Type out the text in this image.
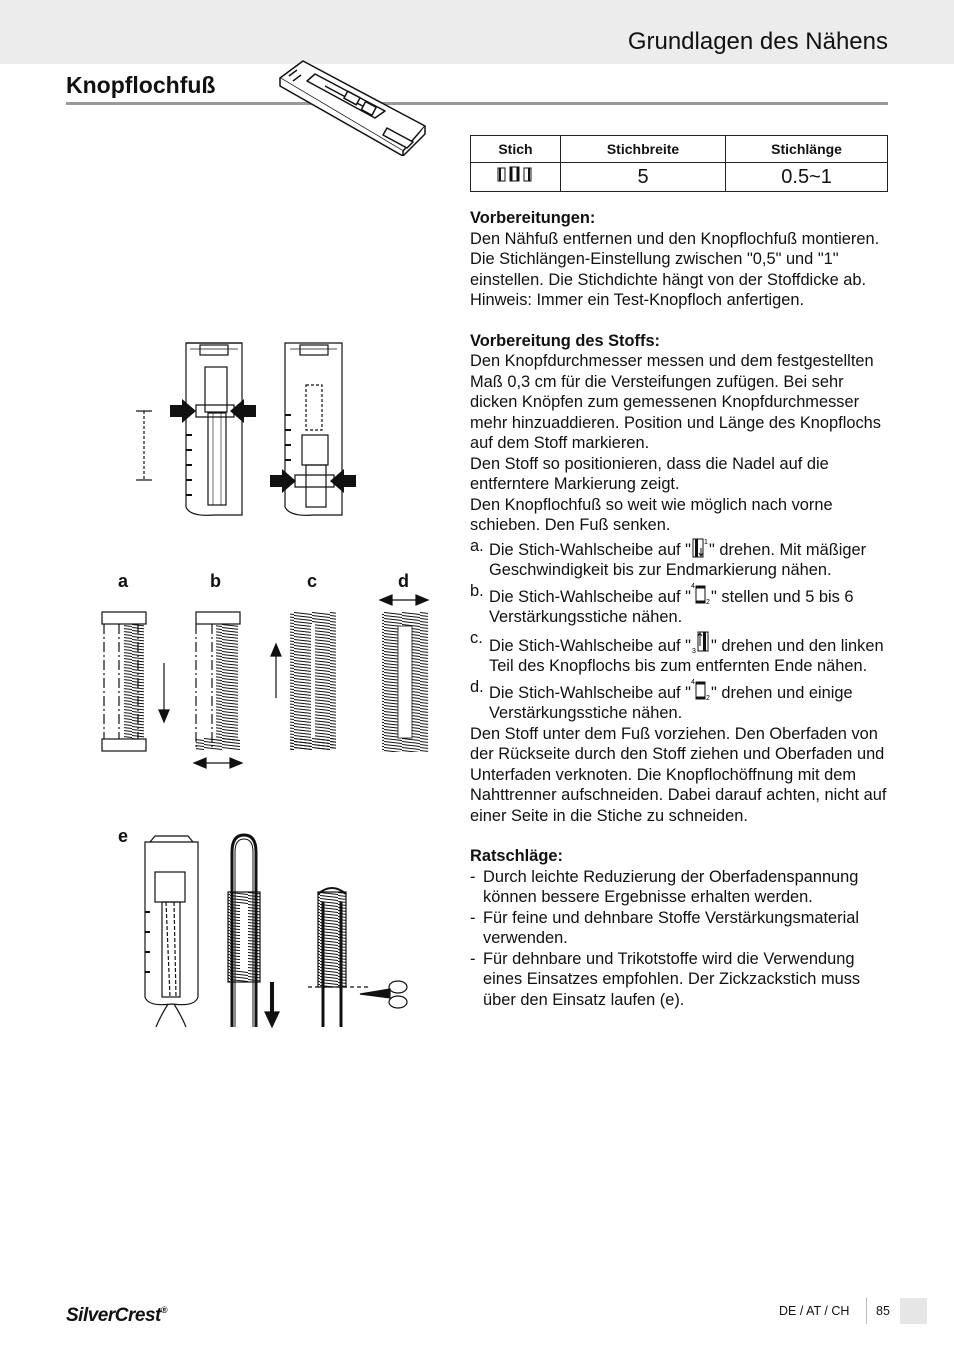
Grundlagen des Nähens
Knopflochfuß
Stich	Stichbreite	Stichlänge
	5	0.5~1

Vorbereitungen:

Den Nähfuß entfernen und den Knopflochfuß montieren. Die Stichlängen-Einstellung zwischen "0,5" und "1" einstellen. Die Stichdichte hängt von der Stoffdicke ab.

Hinweis: Immer ein Test-Knopfloch anfertigen.

Vorbereitung des Stoffs:

Den Knopfdurchmesser messen und dem festgestellten Maß 0,3 cm für die Versteifungen zufügen. Bei sehr dicken Knöpfen zum gemessenen Knopfdurchmesser mehr hinzuaddieren. Position und Länge des Knopflochs auf dem Stoff markieren.

Den Stoff so positionieren, dass die Nadel auf die entferntere Markierung zeigt.

Den Knopflochfuß so weit wie möglich nach vorne schieben. Den Fuß senken.

a. Die Stich-Wahlscheibe auf " 1 " drehen. Mit mäßiger Geschwindigkeit bis zur Endmarkierung nähen.
b. Die Stich-Wahlscheibe auf "
4
2 " stellen und 5 bis 6 Verstärkungsstiche nähen.
c. Die Stich-Wahlscheibe auf " 3 " drehen und den linken Teil des Knopflochs bis zum entfernten Ende nähen.
d. Die Stich-Wahlscheibe auf "
4
2 " drehen und einige Verstärkungsstiche nähen.

Den Stoff unter dem Fuß vorziehen. Den Oberfaden von der Rückseite durch den Stoff ziehen und Oberfaden und Unterfaden verknoten. Die Knopflochöffnung mit dem Nahttrenner aufschneiden. Dabei darauf achten, nicht auf einer Seite in die Stiche zu schneiden.

Ratschläge:

- Durch leichte Reduzierung der Oberfadenspannung können bessere Ergebnisse erhalten werden.
- Für feine und dehnbare Stoffe Verstärkungsmaterial verwenden.
- Für dehnbare und Trikotstoffe wird die Verwendung eines Einsatzes empfohlen. Der Zickzackstich muss über den Einsatz laufen (e).
a	b	c	d
e
SilverCrest®	DE / AT / CH 85
